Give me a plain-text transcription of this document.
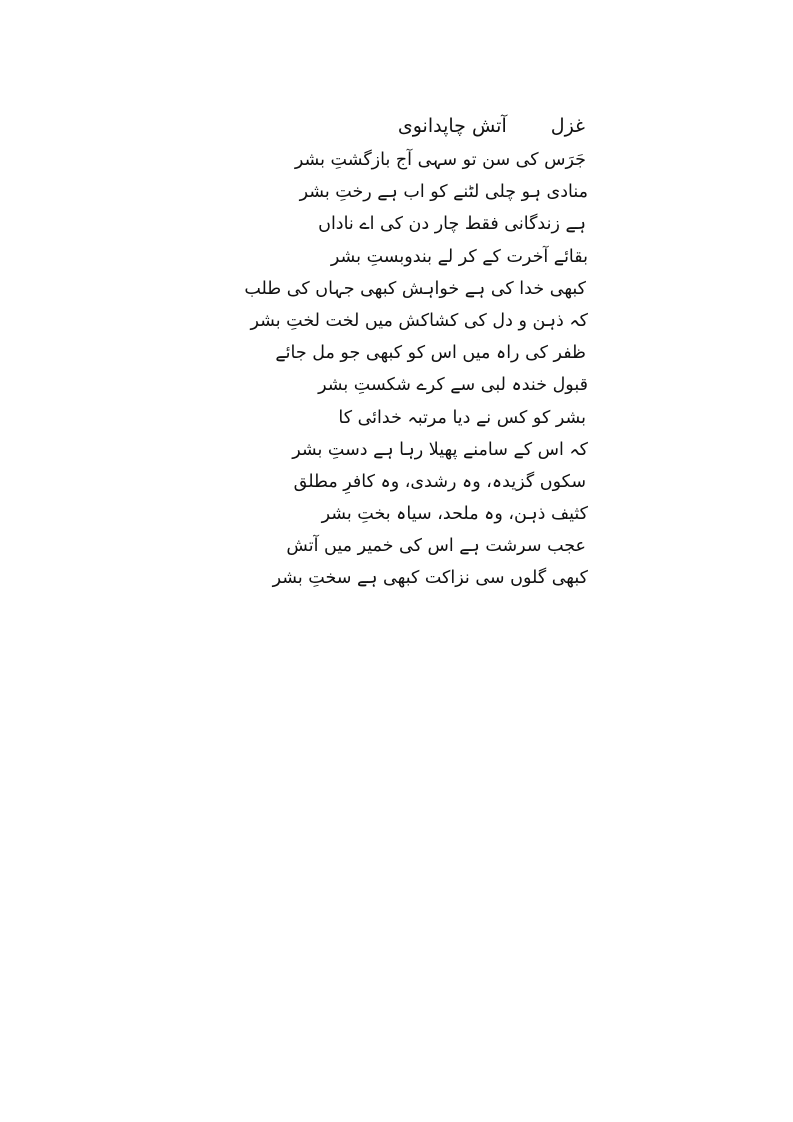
غزل
آتش چاپدانوی
جَرَس کی سن تو سہی آج بازگشتِ بشر
منادی ہو چلی لٹنے کو اب ہے رختِ بشر
ہے زندگانی فقط چار دن کی اے ناداں
بقائے آخرت کے کر لے بندوبستِ بشر
کبھی خدا کی ہے خواہش کبھی جہاں کی طلب
کہ ذہن و دل کی کشاکش میں لخت لختِ بشر
ظفر کی راہ میں اس کو کبھی جو مل جائے
قبول خندہ لبی سے کرے شکستِ بشر
بشر کو کس نے دیا مرتبہ خدائی کا
کہ اس کے سامنے پھیلا رہا ہے دستِ بشر
سکوں گزیدہ، وہ رشدی، وہ کافرِ مطلق
کثیف ذہن، وہ ملحد، سیاہ بختِ بشر
عجب سرشت ہے اس کی خمیر میں آتش
کبھی گلوں سی نزاکت کبھی ہے سختِ بشر
